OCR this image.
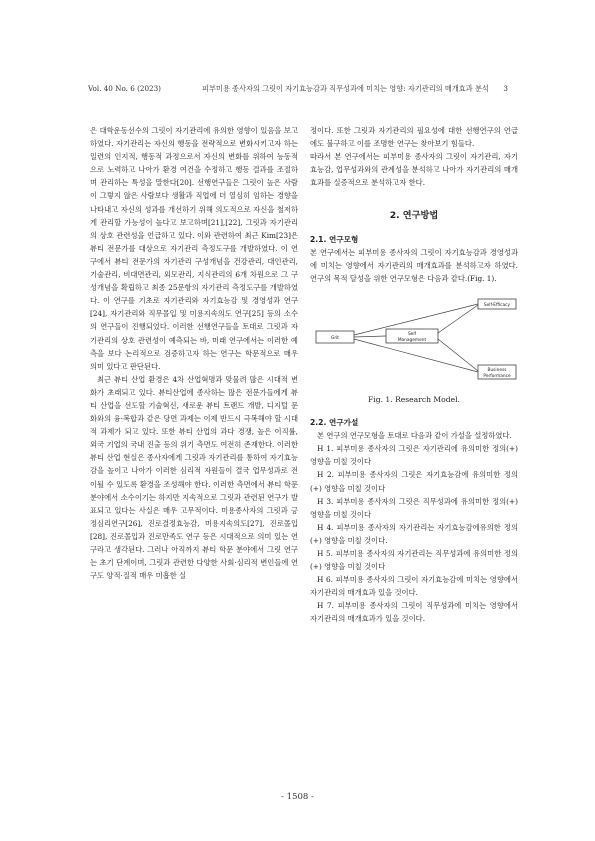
Vol. 40 No. 6 (2023)	피부미용 종사자의 그릿이 자기효능감과 직무성과에 미치는 영향: 자기관리의 매개효과 분석 3

은 대학운동선수의 그릿이 자기관리에 유의한 영향이 있음을 보고하였다. 자기관리는 자신의 행동을 전략적으로 변화시키고자 하는 일련의 인지적, 행동적 과정으로서 자신의 변화를 위하여 능동적으로 노력하고 나아가 환경 여건을 수정하고 행동 결과를 조절하며 관리하는 특성을 말한다[20]. 선행연구들은 그릿이 높은 사람이 그렇지 않은 사람보다 생활과 직업에 더 열심히 임하는 경향을 나타내고 자신의 성과를 개선하기 위해 의도적으로 자신을 철저하게 관리할 가능성이 높다고 보고하며[21],[22], 그릿과 자기관리의 상호 관련성을 언급하고 있다. 이와 관련하여 최근 Kim[23]은 뷰티 전문가를 대상으로 자기관리 측정도구를 개발하였다. 이 연구에서 뷰티 전문가의 자기관리 구성개념을 건강관리, 대인관리, 기술관리, 비대면관리, 외모관리, 지식관리의 6개 차원으로 그 구성개념을 확립하고 최종 25문항의 자기관리 측정도구를 개발하였다. 이 연구를 기초로 자기관리와 자기효능감 및 경영성과 연구[24], 자기관리와 직무몰입 및 미용지속의도 연구[25] 등의 소수의 연구들이 진행되었다. 이러한 선행연구들을 토대로 그릿과 자기관리의 상호 관련성이 예측되는 바, 미래 연구에서는 이러한 예측을 보다 논리적으로 검증하고자 하는 연구는 학문적으로 매우 의미 있다고 판단된다.

최근 뷰티 산업 환경은 4차 산업혁명과 맞물려 많은 시대적 변화가 초래되고 있다. 뷰티산업에 종사하는 많은 전문가들에게 뷰티 산업을 선도할 기술혁신, 새로운 뷰티 트랜드 개발, 디지털 문화와의 융·복합과 같은 당면 과제는 이제 반드시 극복해야 할 시대적 과제가 되고 있다. 또한 뷰티 산업의 과다 경쟁, 높은 이직률, 외국 기업의 국내 진출 등의 위기 측면도 여전히 존재한다. 이러한 뷰티 산업 현실은 종사자에게 그릿과 자기관리를 통하여 자기효능감을 높이고 나아가 이러한 심리적 자원들이 결국 업무성과로 전이될 수 있도록 환경을 조성해야 한다. 이러한 측면에서 뷰티 학문 분야에서 소수이기는 하지만 지속적으로 그릿과 관련된 연구가 발표되고 있다는 사실은 매우 고무적이다. 미용종사자의 그릿과 긍정심리연구[26], 진로결정효능감, 미용지속의도[27], 진로몰입[28], 진로몰입과 진로만족도 연구 등은 시대적으로 의미 있는 연구라고 생각된다. 그러나 아직까지 뷰티 학문 분야에서 그릿 연구는 초기 단계이며, 그릿과 관련한 다양한 사회·심리적 변인들에 연구도 양적·질적 매우 미흡한 실

정이다. 또한 그릿과 자기관리의 필요성에 대한 선행연구의 언급에도 불구하고 이를 조명한 연구는 찾아보기 힘들다.

따라서 본 연구에서는 피부미용 종사자의 그릿이 자기관리, 자기효능감, 업무성과와의 관계성을 분석하고 나아가 자기관리의 매개효과를 실증적으로 분석하고자 한다.

2. 연구방법
2.1. 연구모형

본 연구에서는 피부미용 종사자의 그릿이 자기효능감과 경영성과에 미치는 영향에서 자기관리의 매개효과를 분석하고자 하였다. 연구의 목적 달성을 위한 연구모형은 다음과 같다.(Fig. 1).

Grit
Self
Management
Self-Efficacy
Business
Performance
Fig. 1. Research Model.
2.2. 연구가설

본 연구의 연구모형을 토대로 다음과 같이 가설을 설정하였다.

H 1. 피부미용 종사자의 그릿은 자기관리에 유의미한 정의(+) 영향을 미칠 것이다

H 2. 피부미용 종사자의 그릿은 자기효능감에 유의미한 정의(+) 영향을 미칠 것이다

H 3. 피부미용 종사자의 그릿은 직무성과에 유의미한 정의(+) 영향을 미칠 것이다

H 4. 피부미용 종사자의 자기관리는 자기효능감에유의한 정의(+) 영향을 미칠 것이다.

H 5. 피부미용 종사자의 자기관리는 직무성과에 유의미한 정의(+) 영향을 미칠 것이다

H 6. 피부미용 종사자의 그릿이 자기효능감에 미치는 영향에서 자기관리의 매개효과 있을 것이다.

H 7. 피부미용 종사자의 그릿이 직무성과에 미치는 영향에서 자기관리의 매개효과가 있을 것이다.

- 1508 -
